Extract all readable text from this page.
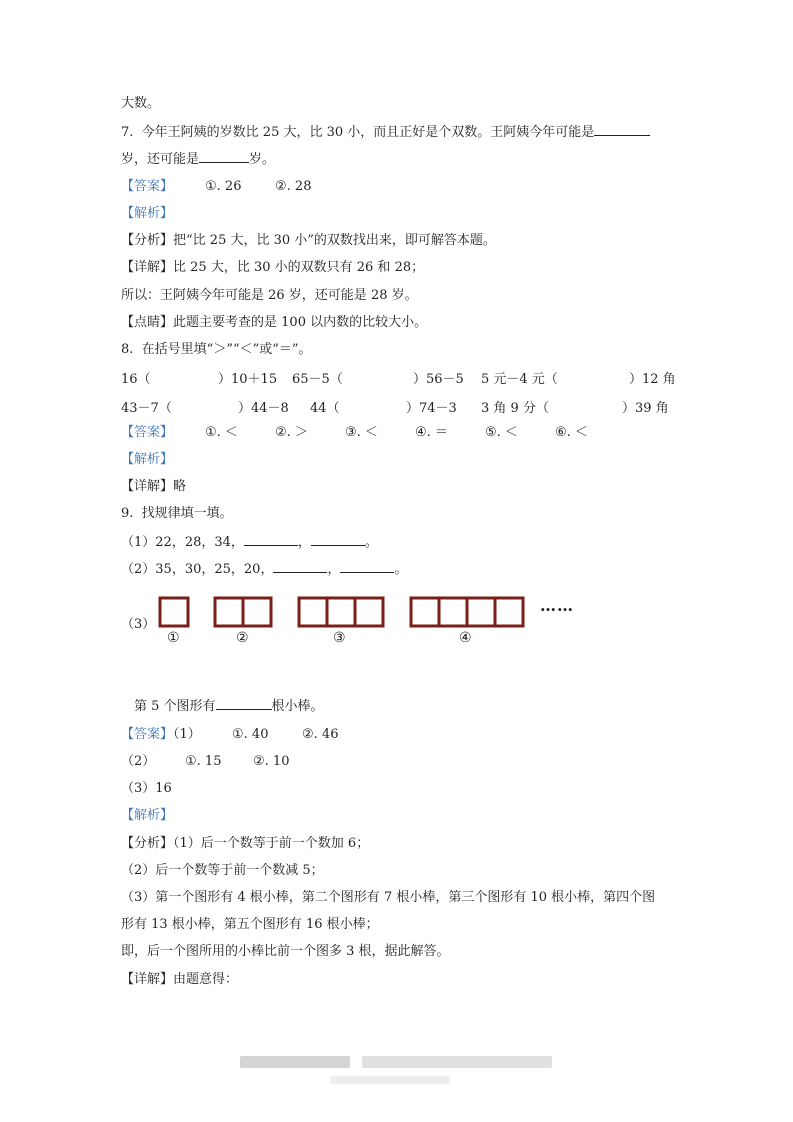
大数。
7.  今年王阿姨的岁数比 25 大，比 30 小，而且正好是个双数。王阿姨今年可能是
岁，还可能是	岁。
【答案】 ①. 26	②. 28
【解析】
【分析】把“比 25 大，比 30 小”的双数找出来，即可解答本题。
【详解】比 25 大，比 30 小的双数只有 26 和 28；
所以：王阿姨今年可能是 26 岁，还可能是 28 岁。
【点睛】此题主要考查的是 100 以内数的比较大小。
8.  在括号里填“＞”“＜”或“＝”。
16（	）10＋15 65－5（	）56－5 5 元－4 元（	）12 角
43－7（	）44－8 44（	）74－3 3 角 9 分（	）39 角
【答案】 ①. ＜	②. ＞	③. ＜	④. ＝	⑤. ＜	⑥. ＜
【解析】
【详解】略
9.  找规律填一填。
（1）22，28，34，	，	。
（2）35，30，25，20，	，	。
（3）
①	②	③	④
……
第 5 个图形有	根小棒。
【答案】（1） ①. 40	②. 46
（2） ①. 15 ②. 10
（3）16
【解析】
【分析】（1）后一个数等于前一个数加 6；
（2）后一个数等于前一个数减 5；
（3）第一个图形有 4 根小棒，第二个图形有 7 根小棒，第三个图形有 10 根小棒，第四个图
形有 13 根小棒，第五个图形有 16 根小棒；
即，后一个图所用的小棒比前一个图多 3 根，据此解答。
【详解】由题意得：
